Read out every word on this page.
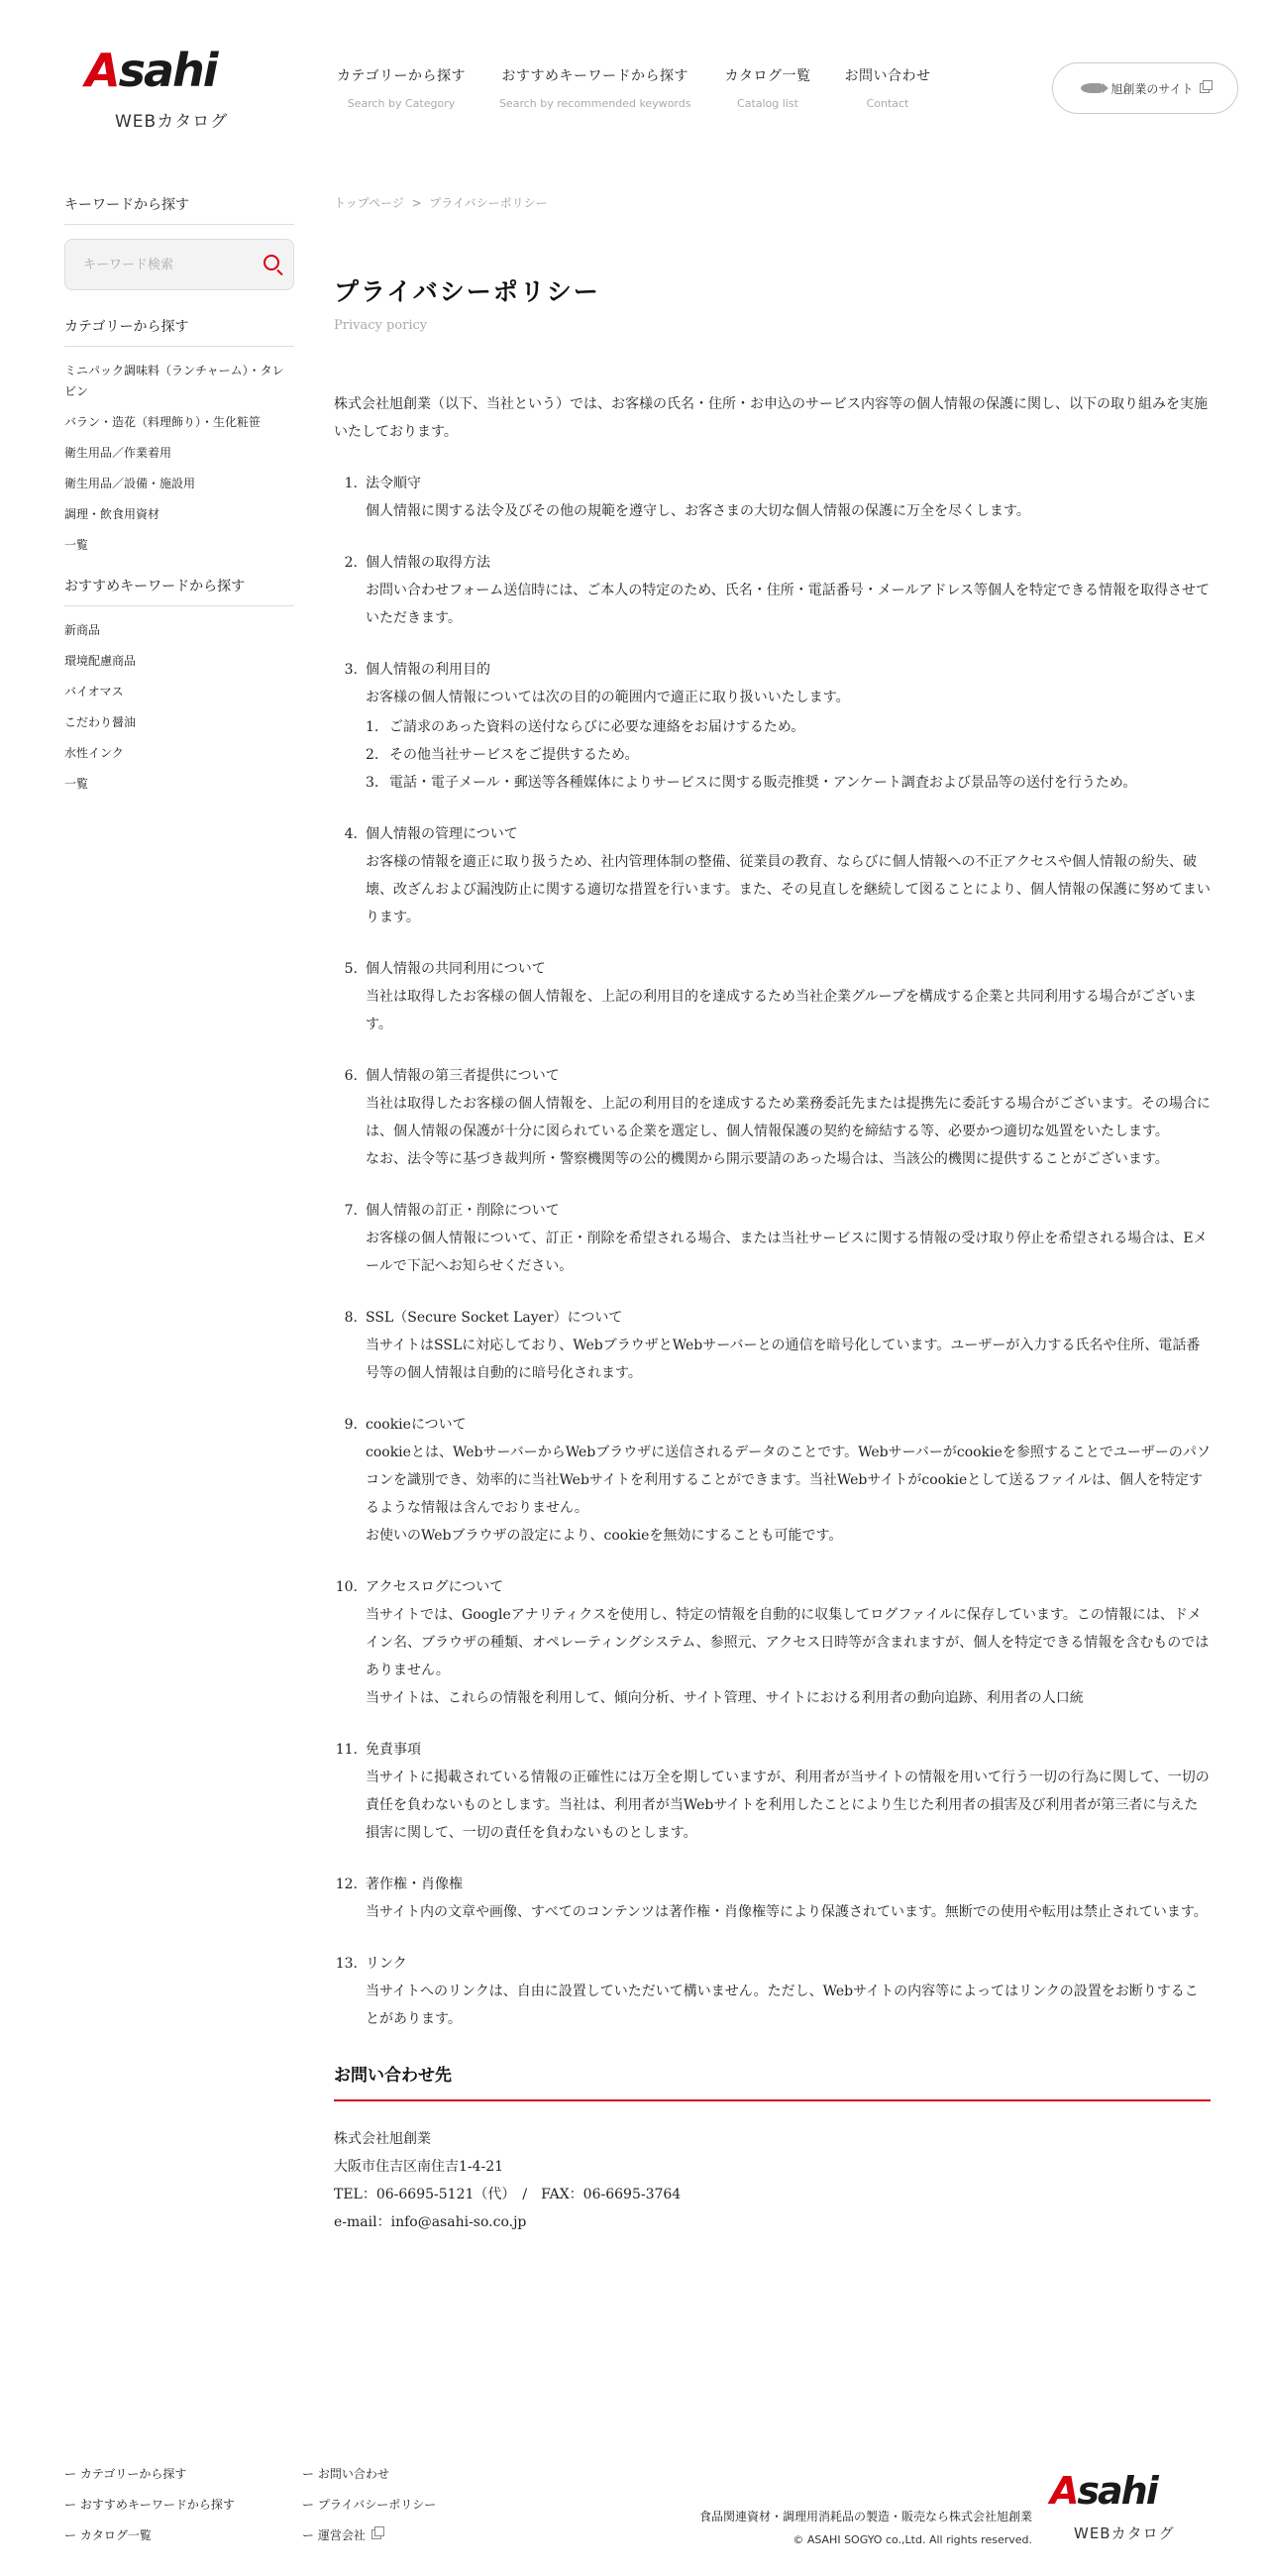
Asahi
WEBカタログ
カテゴリーから探す
Search by Category
おすすめキーワードから探す
Search by recommended keywords
カタログ一覧
Catalog list
お問い合わせ
Contact
旭創業のサイト
キーワードから探す
キーワード検索
カテゴリーから探す
ミニパック調味料（ランチャーム）・タレビン
バラン・造花（料理飾り）・生化粧笹
衛生用品／作業着用
衛生用品／設備・施設用
調理・飲食用資材
一覧
おすすめキーワードから探す
新商品
環境配慮商品
バイオマス
こだわり醤油
水性インク
一覧
トップページ > プライバシーポリシー
プライバシーポリシー
Privacy poricy

株式会社旭創業（以下、当社という）では、お客様の氏名・住所・お申込のサービス内容等の個人情報の保護に関し、以下の取り組みを実施いたしております。

1. 法令順守
個人情報に関する法令及びその他の規範を遵守し、お客さまの大切な個人情報の保護に万全を尽くします。
2. 個人情報の取得方法
お問い合わせフォーム送信時には、ご本人の特定のため、氏名・住所・電話番号・メールアドレス等個人を特定できる情報を取得させていただきます。
3. 個人情報の利用目的
お客様の個人情報については次の目的の範囲内で適正に取り扱いいたします。
1. ご請求のあった資料の送付ならびに必要な連絡をお届けするため。
2. その他当社サービスをご提供するため。
3. 電話・電子メール・郵送等各種媒体によりサービスに関する販売推奨・アンケート調査および景品等の送付を行うため。
4. 個人情報の管理について
お客様の情報を適正に取り扱うため、社内管理体制の整備、従業員の教育、ならびに個人情報への不正アクセスや個人情報の紛失、破壊、改ざんおよび漏洩防止に関する適切な措置を行います。また、その見直しを継続して図ることにより、個人情報の保護に努めてまいります。
5. 個人情報の共同利用について
当社は取得したお客様の個人情報を、上記の利用目的を達成するため当社企業グループを構成する企業と共同利用する場合がございます。
6. 個人情報の第三者提供について
当社は取得したお客様の個人情報を、上記の利用目的を達成するため業務委託先または提携先に委託する場合がございます。その場合には、個人情報の保護が十分に図られている企業を選定し、個人情報保護の契約を締結する等、必要かつ適切な処置をいたします。
なお、法令等に基づき裁判所・警察機関等の公的機関から開示要請のあった場合は、当該公的機関に提供することがございます。
7. 個人情報の訂正・削除について
お客様の個人情報について、訂正・削除を希望される場合、または当社サービスに関する情報の受け取り停止を希望される場合は、Eメールで下記へお知らせください。
8. SSL（Secure Socket Layer）について
当サイトはSSLに対応しており、WebブラウザとWebサーバーとの通信を暗号化しています。ユーザーが入力する氏名や住所、電話番号等の個人情報は自動的に暗号化されます。
9. cookieについて
cookieとは、WebサーバーからWebブラウザに送信されるデータのことです。Webサーバーがcookieを参照することでユーザーのパソコンを識別でき、効率的に当社Webサイトを利用することができます。当社Webサイトがcookieとして送るファイルは、個人を特定するような情報は含んでおりません。
お使いのWebブラウザの設定により、cookieを無効にすることも可能です。
10. アクセスログについて
当サイトでは、Googleアナリティクスを使用し、特定の情報を自動的に収集してログファイルに保存しています。この情報には、ドメイン名、ブラウザの種類、オペレーティングシステム、参照元、アクセス日時等が含まれますが、個人を特定できる情報を含むものではありません。
当サイトは、これらの情報を利用して、傾向分析、サイト管理、サイトにおける利用者の動向追跡、利用者の人口統
11. 免責事項
当サイトに掲載されている情報の正確性には万全を期していますが、利用者が当サイトの情報を用いて行う一切の行為に関して、一切の責任を負わないものとします。当社は、利用者が当Webサイトを利用したことにより生じた利用者の損害及び利用者が第三者に与えた損害に関して、一切の責任を負わないものとします。
12. 著作権・肖像権
当サイト内の文章や画像、すべてのコンテンツは著作権・肖像権等により保護されています。無断での使用や転用は禁止されています。
13. リンク
当サイトへのリンクは、自由に設置していただいて構いません。ただし、Webサイトの内容等によってはリンクの設置をお断りすることがあります。
お問い合わせ先
株式会社旭創業
大阪市住吉区南住吉1-4-21
TEL：06-6695-5121（代）　/　FAX：06-6695-3764
e-mail：info@asahi-so.co.jp
ー カテゴリーから探す	ー お問い合わせ
ー おすすめキーワードから探す	ー プライバシーポリシー
ー カタログ一覧	ー 運営会社
食品関連資材・調理用消耗品の製造・販売なら株式会社旭創業
© ASAHI SOGYO co.,Ltd. All rights reserved.
Asahi
WEBカタログ
